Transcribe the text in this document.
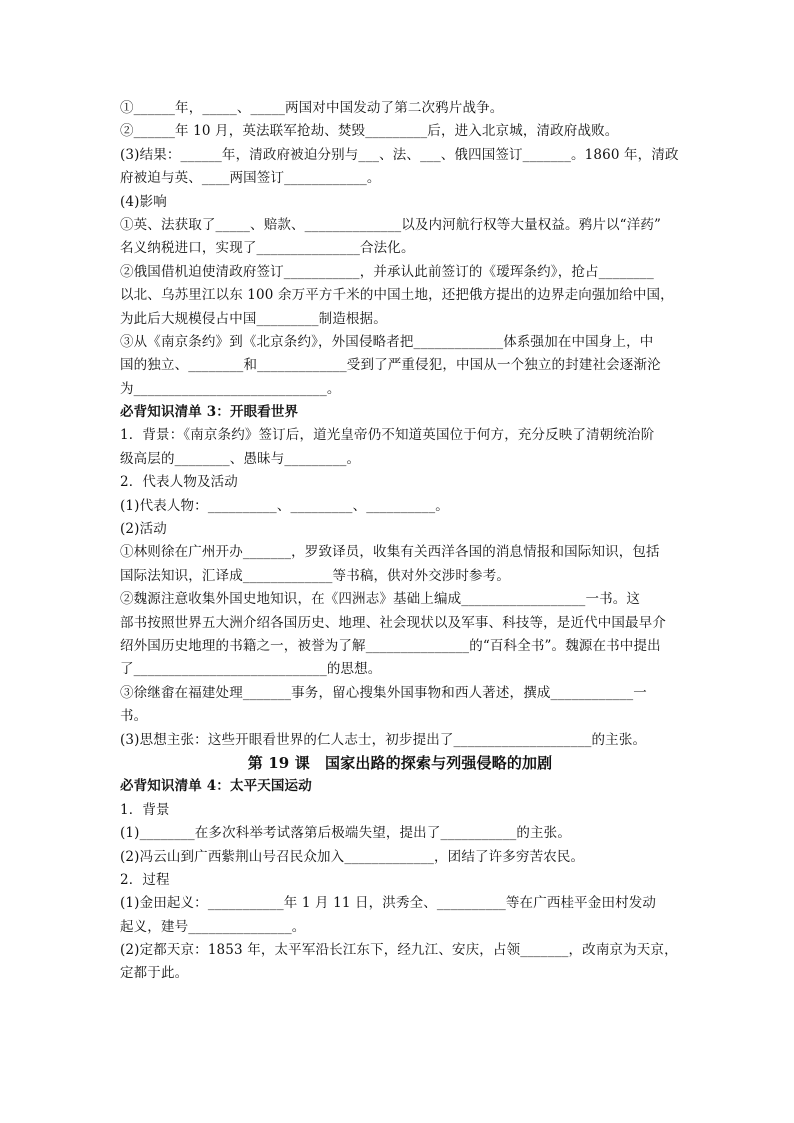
①______年，_____、_____两国对中国发动了第二次鸦片战争。
②______年 10 月，英法联军抢劫、焚毁_________后，进入北京城，清政府战败。
(3)结果：______年，清政府被迫分别与___、法、___、俄四国签订_______。1860 年，清政
府被迫与英、____两国签订____________。
(4)影响
①英、法获取了_____、赔款、______________以及内河航行权等大量权益。鸦片以“洋药”
名义纳税进口，实现了_______________合法化。
②俄国借机迫使清政府签订___________，并承认此前签订的《瑷珲条约》，抢占________
以北、乌苏里江以东 100 余万平方千米的中国土地，还把俄方提出的边界走向强加给中国，
为此后大规模侵占中国_________制造根据。
③从《南京条约》到《北京条约》，外国侵略者把_____________体系强加在中国身上，中
国的独立、________和_____________受到了严重侵犯，中国从一个独立的封建社会逐渐沦
为____________________________。
必背知识清单 3：开眼看世界
1．背景：《南京条约》签订后，道光皇帝仍不知道英国位于何方，充分反映了清朝统治阶
级高层的________、愚昧与_________。
2．代表人物及活动
(1)代表人物：__________、_________、__________。
(2)活动
①林则徐在广州开办_______，罗致译员，收集有关西洋各国的消息情报和国际知识，包括
国际法知识，汇译成_____________等书稿，供对外交涉时参考。
②魏源注意收集外国史地知识，在《四洲志》基础上编成__________________一书。这
部书按照世界五大洲介绍各国历史、地理、社会现状以及军事、科技等，是近代中国最早介
绍外国历史地理的书籍之一，被誉为了解_______________的“百科全书”。魏源在书中提出
了____________________________的思想。
③徐继畬在福建处理_______事务，留心搜集外国事物和西人著述，撰成____________一
书。
(3)思想主张：这些开眼看世界的仁人志士，初步提出了____________________的主张。
第 19 课　国家出路的探索与列强侵略的加剧
必背知识清单 4：太平天国运动
1．背景
(1)________在多次科举考试落第后极端失望，提出了___________的主张。
(2)冯云山到广西紫荆山号召民众加入_____________，团结了许多穷苦农民。
2．过程
(1)金田起义：___________年 1 月 11 日，洪秀全、__________等在广西桂平金田村发动
起义，建号_______________。
(2)定都天京：1853 年，太平军沿长江东下，经九江、安庆，占领_______，改南京为天京，
定都于此。
